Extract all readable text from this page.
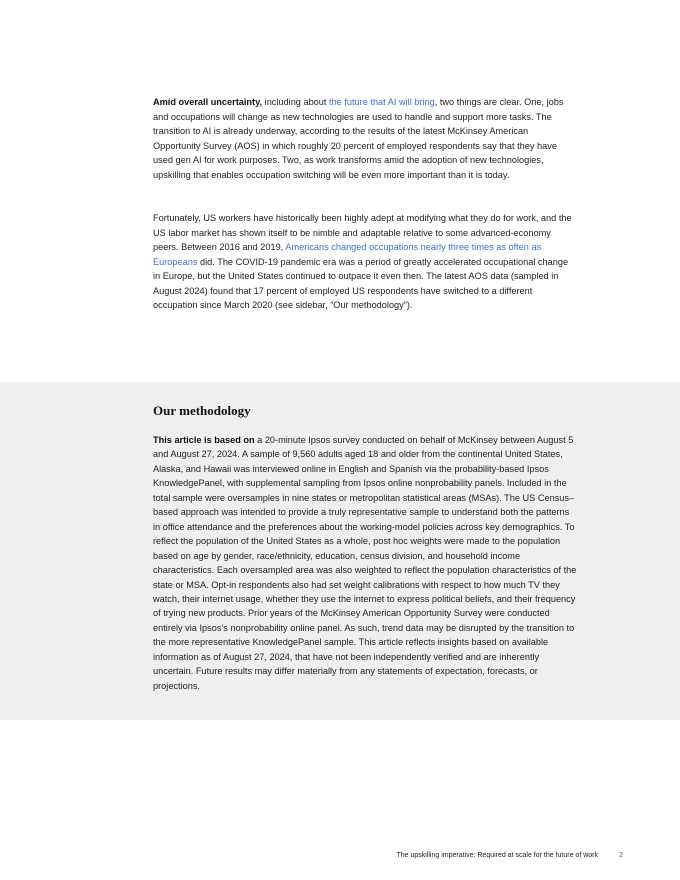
Amid overall uncertainty, including about the future that AI will bring, two things are clear. One, jobs and occupations will change as new technologies are used to handle and support more tasks. The transition to AI is already underway, according to the results of the latest McKinsey American Opportunity Survey (AOS) in which roughly 20 percent of employed respondents say that they have used gen AI for work purposes. Two, as work transforms amid the adoption of new technologies, upskilling that enables occupation switching will be even more important than it is today.

Fortunately, US workers have historically been highly adept at modifying what they do for work, and the US labor market has shown itself to be nimble and adaptable relative to some advanced-economy peers. Between 2016 and 2019, Americans changed occupations nearly three times as often as Europeans did. The COVID-19 pandemic era was a period of greatly accelerated occupational change in Europe, but the United States continued to outpace it even then. The latest AOS data (sampled in August 2024) found that 17 percent of employed US respondents have switched to a different occupation since March 2020 (see sidebar, “Our methodology”).

Our methodology

This article is based on a 20-minute Ipsos survey conducted on behalf of McKinsey between August 5 and August 27, 2024. A sample of 9,560 adults aged 18 and older from the continental United States, Alaska, and Hawaii was interviewed online in English and Spanish via the probability-based Ipsos KnowledgePanel, with supplemental sampling from Ipsos online nonprobability panels. Included in the total sample were oversamples in nine states or metropolitan statistical areas (MSAs). The US Census–based approach was intended to provide a truly representative sample to understand both the patterns in office attendance and the preferences about the working-model policies across key demographics. To reflect the population of the United States as a whole, post hoc weights were made to the population based on age by gender, race/ethnicity, education, census division, and household income characteristics. Each oversampled area was also weighted to reflect the population characteristics of the state or MSA. Opt-in respondents also had set weight calibrations with respect to how much TV they watch, their internet usage, whether they use the internet to express political beliefs, and their frequency of trying new products. Prior years of the McKinsey American Opportunity Survey were conducted entirely via Ipsos’s nonprobability online panel. As such, trend data may be disrupted by the transition to the more representative KnowledgePanel sample. This article reflects insights based on available information as of August 27, 2024, that have not been independently verified and are inherently uncertain. Future results may differ materially from any statements of expectation, forecasts, or projections.

The upskilling imperative: Required at scale for the future of work	2
